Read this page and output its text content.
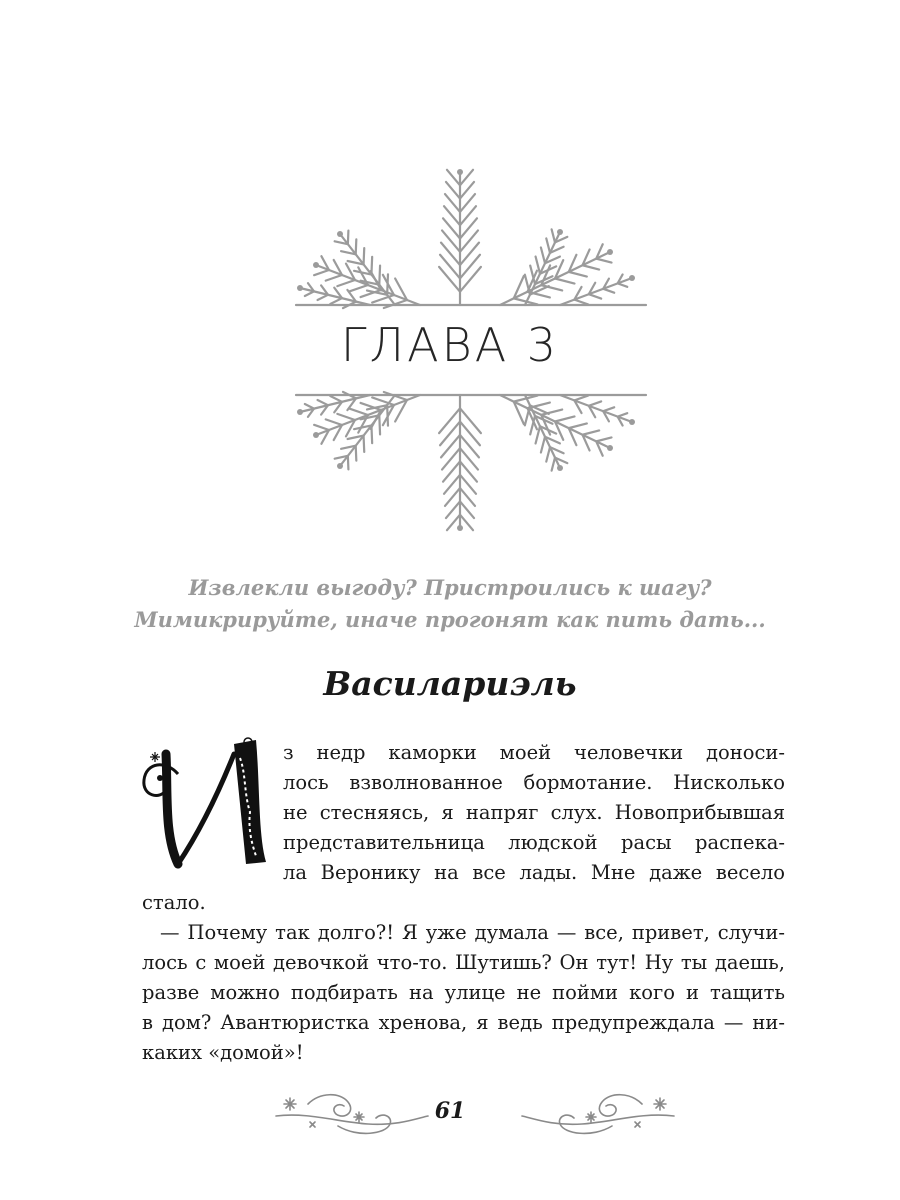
ГЛАВА 3
Извлекли выгоду? Пристроились к шагу?
Мимикрируйте, иначе прогонят как пить дать...
Василариэль
И
з недр каморки моей человечки доноси-
лось взволнованное бормотание. Нисколько
не стесняясь, я напряг слух. Новоприбывшая
представительница людской расы распека-
ла Веронику на все лады. Мне даже весело
стало.
— Почему так долго?! Я уже думала — все, привет, случи-
лось с моей девочкой что-то. Шутишь? Он тут! Ну ты даешь,
разве можно подбирать на улице не пойми кого и тащить
в дом? Авантюристка хренова, я ведь предупреждала — ни-
каких «домой»!
61
